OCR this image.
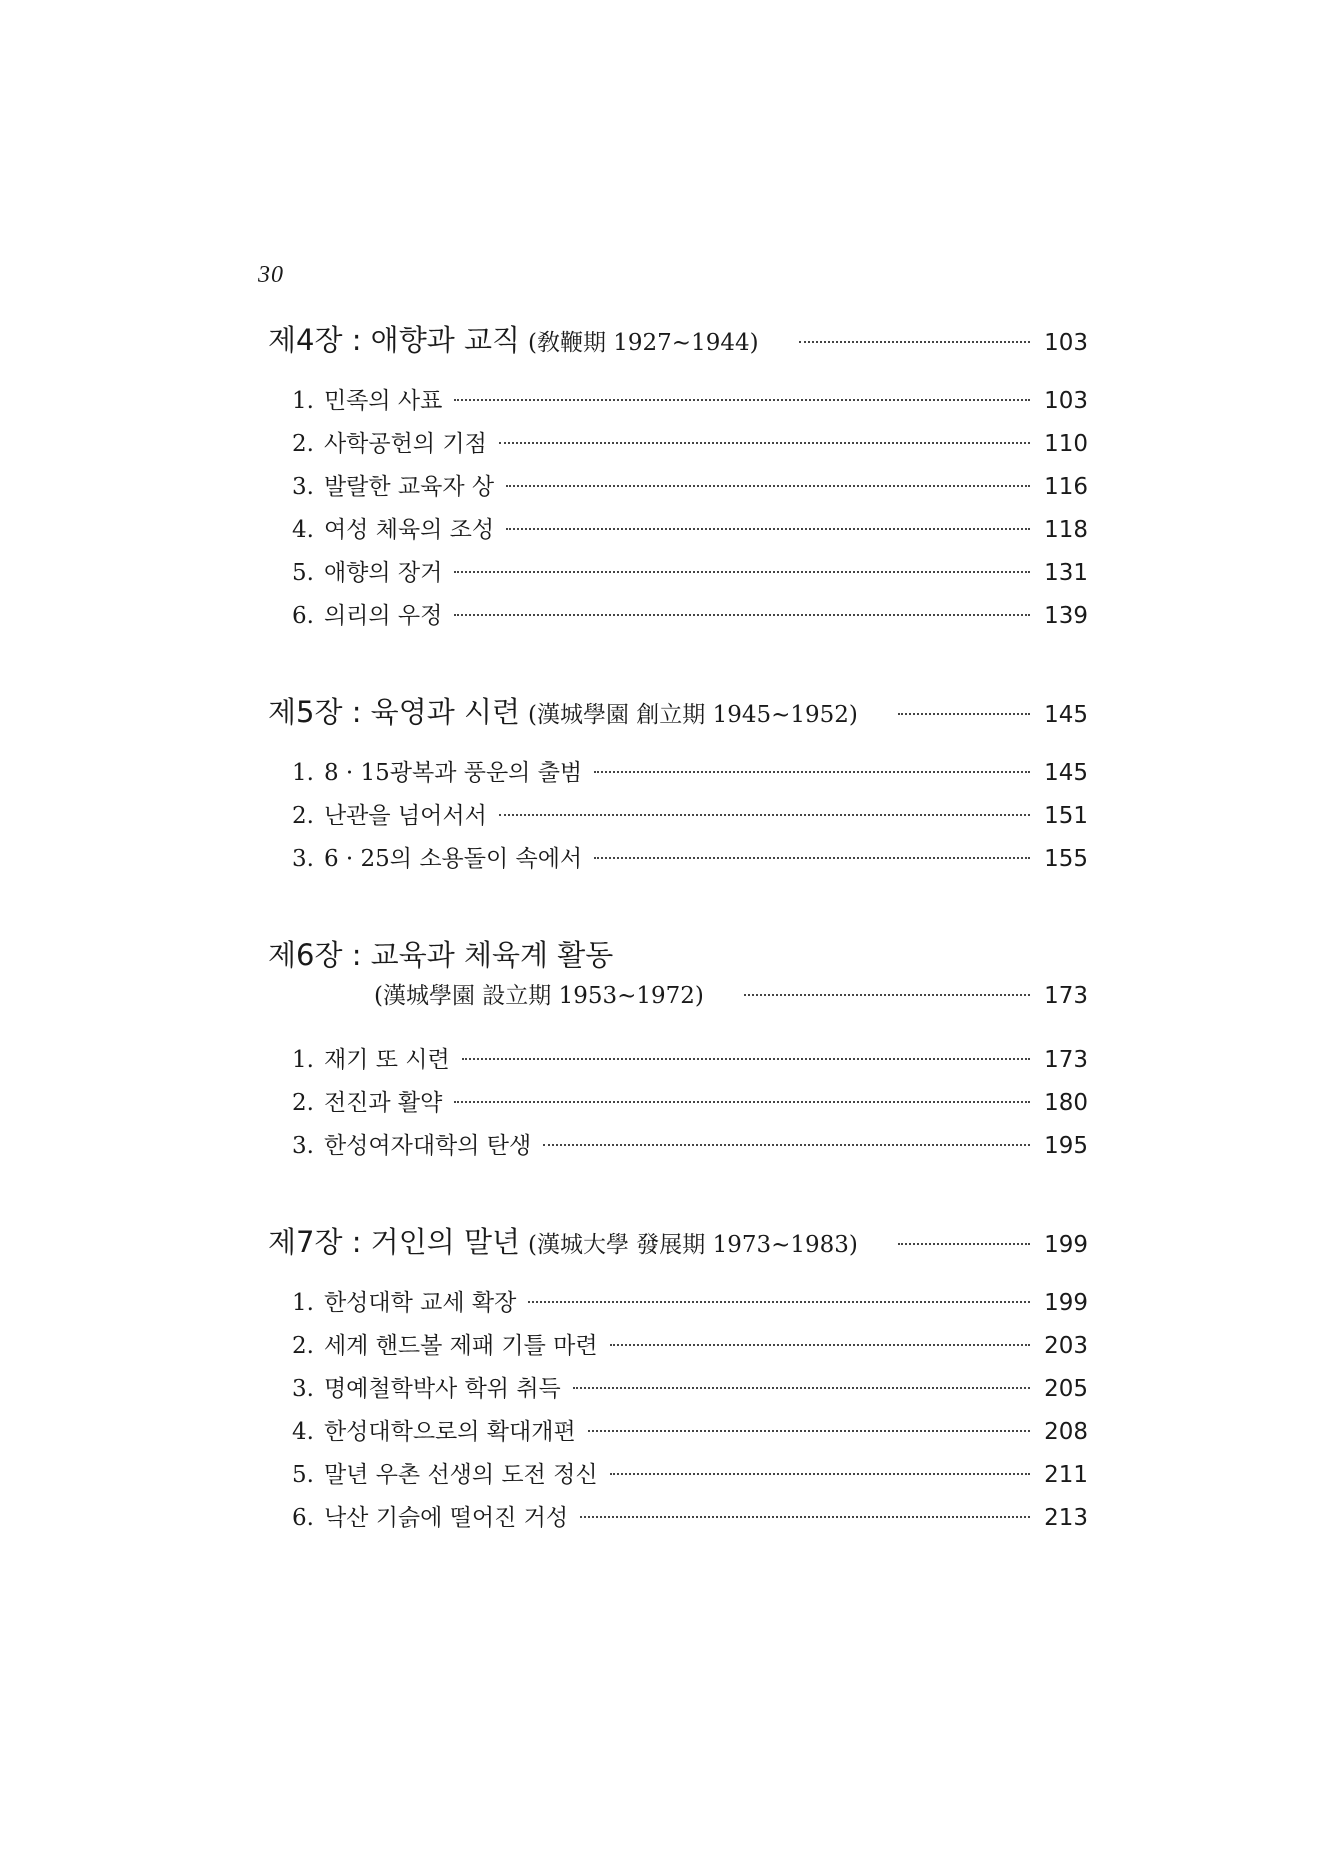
30
제4장 : 애향과 교직 (敎鞭期 1927∼1944)	103
1. 민족의 사표	103
2. 사학공헌의 기점	110
3. 발랄한 교육자 상	116
4. 여성 체육의 조성	118
5. 애향의 장거	131
6. 의리의 우정	139
제5장 : 육영과 시련 (漢城學園 創立期 1945∼1952)	145
1. 8 · 15광복과 풍운의 출범	145
2. 난관을 넘어서서	151
3. 6 · 25의 소용돌이 속에서	155
제6장 : 교육과 체육계 활동
(漢城學園 設立期 1953∼1972)	173
1. 재기 또 시련	173
2. 전진과 활약	180
3. 한성여자대학의 탄생	195
제7장 : 거인의 말년 (漢城大學 發展期 1973∼1983)	199
1. 한성대학 교세 확장	199
2. 세계 핸드볼 제패 기틀 마련	203
3. 명예철학박사 학위 취득	205
4. 한성대학으로의 확대개편	208
5. 말년 우촌 선생의 도전 정신	211
6. 낙산 기슭에 떨어진 거성	213
